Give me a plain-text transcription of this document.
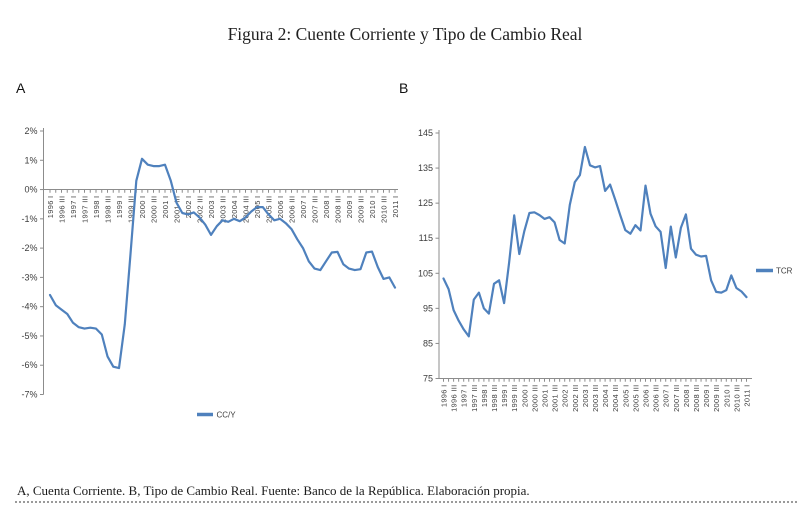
Figura 2: Cuente Corriente y Tipo de Cambio Real
A	B
2%
1%
0%
-1%
-2%
-3%
-4%
-5%
-6%
-7%
1996 I 1996 III 1997 I 1997 III 1998 I 1998 III 1999 I 1999 III 2000 I 2000 III 2001 I 2001 III 2002 I 2002 III 2003 I 2003 III 2004 I 2004 III 2005 I 2005 III 2006 I 2006 III 2007 I 2007 III 2008 I 2008 III 2009 I 2009 III 2010 I 2010 III 2011 I
CC/Y
145
135
125
115
105
95
85
75
1996 I 1996 III 1997 I 1997 III 1998 I 1998 III 1999 I 1999 III 2000 I 2000 III 2001 I 2001 III 2002 I 2002 III 2003 I 2003 III 2004 I 2004 III 2005 I 2005 III 2006 I 2006 III 2007 I 2007 III 2008 I 2008 III 2009 I 2009 III 2010 I 2010 III 2011 I
TCR
A, Cuenta Corriente. B, Tipo de Cambio Real. Fuente: Banco de la República. Elaboración propia.
